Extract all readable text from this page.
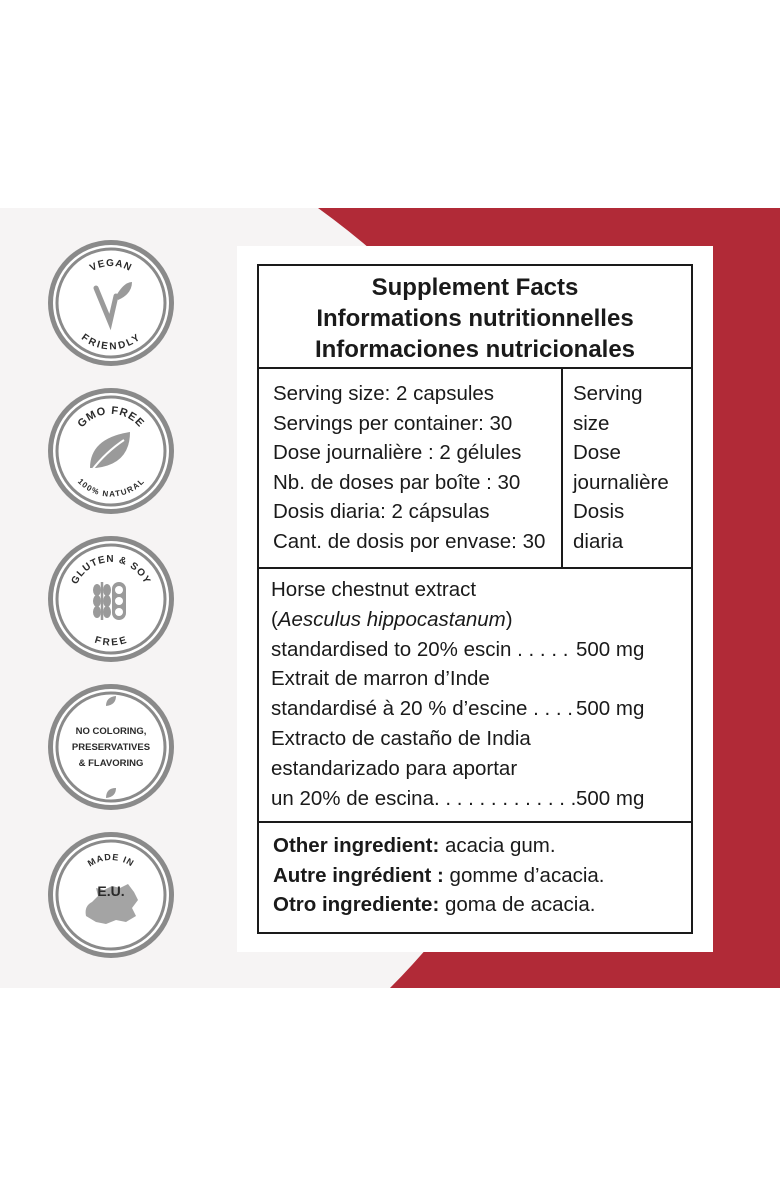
VEGAN
FRIENDLY
GMO FREE
100% NATURAL
GLUTEN & SOY
FREE
NO COLORING,
PRESERVATIVES
& FLAVORING
MADE IN
E.U.
Supplement Facts
Informations nutritionnelles
Informaciones nutricionales
Serving size: 2 capsules
Servings per container: 30
Dose journalière : 2 gélules
Nb. de doses par boîte : 30
Dosis diaria: 2 cápsulas
Cant. de dosis por envase: 30
Serving
size
Dose
journalière
Dosis
diaria
Horse chestnut extract
(Aesculus hippocastanum)
standardised to 20% escin . . . . . 500 mg
Extrait de marron d’Inde
standardisé à 20 % d’escine . . . . 500 mg
Extracto de castaño de India
estandarizado para aportar
un 20% de escina. . . . . . . . . . . . . 500 mg
Other ingredient: acacia gum.
Autre ingrédient : gomme d’acacia.
Otro ingrediente: goma de acacia.
